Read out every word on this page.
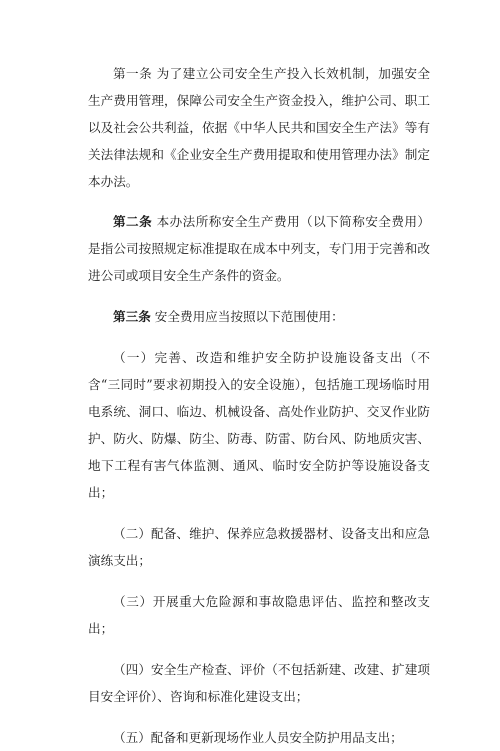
第一条 为了建立公司安全生产投入长效机制，加强安全生产费用管理，保障公司安全生产资金投入，维护公司、职工以及社会公共利益，依据《中华人民共和国安全生产法》等有关法律法规和《企业安全生产费用提取和使用管理办法》制定本办法。

第二条 本办法所称安全生产费用（以下简称安全费用）是指公司按照规定标准提取在成本中列支，专门用于完善和改进公司或项目安全生产条件的资金。

第三条 安全费用应当按照以下范围使用：

（一）完善、改造和维护安全防护设施设备支出（不含“三同时”要求初期投入的安全设施），包括施工现场临时用电系统、洞口、临边、机械设备、高处作业防护、交叉作业防护、防火、防爆、防尘、防毒、防雷、防台风、防地质灾害、地下工程有害气体监测、通风、临时安全防护等设施设备支出；

（二）配备、维护、保养应急救援器材、设备支出和应急演练支出；

（三）开展重大危险源和事故隐患评估、监控和整改支出；

（四）安全生产检查、评价（不包括新建、改建、扩建项目安全评价）、咨询和标准化建设支出；

（五）配备和更新现场作业人员安全防护用品支出；
